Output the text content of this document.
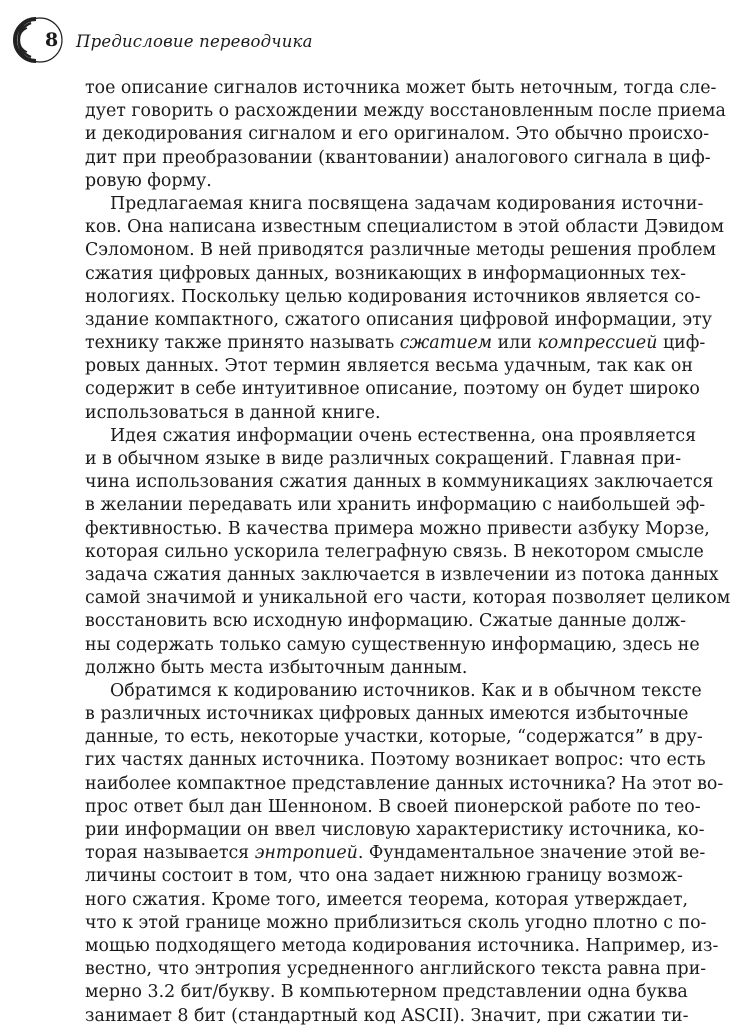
8 Предисловие переводчика
тое описание сигналов источника может быть неточным, тогда сле-
дует говорить о расхождении между восстановленным после приема
и декодирования сигналом и его оригиналом. Это обычно происхо-
дит при преобразовании (квантовании) аналогового сигнала в циф-
ровую форму.
Предлагаемая книга посвящена задачам кодирования источни-
ков. Она написана известным специалистом в этой области Дэвидом
Сэломоном. В ней приводятся различные методы решения проблем
сжатия цифровых данных, возникающих в информационных тех-
нологиях. Поскольку целью кодирования источников является со-
здание компактного, сжатого описания цифровой информации, эту
технику также принято называть сжатием или компрессией циф-
ровых данных. Этот термин является весьма удачным, так как он
содержит в себе интуитивное описание, поэтому он будет широко
использоваться в данной книге.
Идея сжатия информации очень естественна, она проявляется
и в обычном языке в виде различных сокращений. Главная при-
чина использования сжатия данных в коммуникациях заключается
в желании передавать или хранить информацию с наибольшей эф-
фективностью. В качества примера можно привести азбуку Морзе,
которая сильно ускорила телеграфную связь. В некотором смысле
задача сжатия данных заключается в извлечении из потока данных
самой значимой и уникальной его части, которая позволяет целиком
восстановить всю исходную информацию. Сжатые данные долж-
ны содержать только самую существенную информацию, здесь не
должно быть места избыточным данным.
Обратимся к кодированию источников. Как и в обычном тексте
в различных источниках цифровых данных имеются избыточные
данные, то есть, некоторые участки, которые, “содержатся” в дру-
гих частях данных источника. Поэтому возникает вопрос: что есть
наиболее компактное представление данных источника? На этот во-
прос ответ был дан Шенноном. В своей пионерской работе по тео-
рии информации он ввел числовую характеристику источника, ко-
торая называется энтропией. Фундаментальное значение этой ве-
личины состоит в том, что она задает нижнюю границу возмож-
ного сжатия. Кроме того, имеется теорема, которая утверждает,
что к этой границе можно приблизиться сколь угодно плотно с по-
мощью подходящего метода кодирования источника. Например, из-
вестно, что энтропия усредненного английского текста равна при-
мерно 3.2 бит/букву. В компьютерном представлении одна буква
занимает 8 бит (стандартный код ASCII). Значит, при сжатии ти-
